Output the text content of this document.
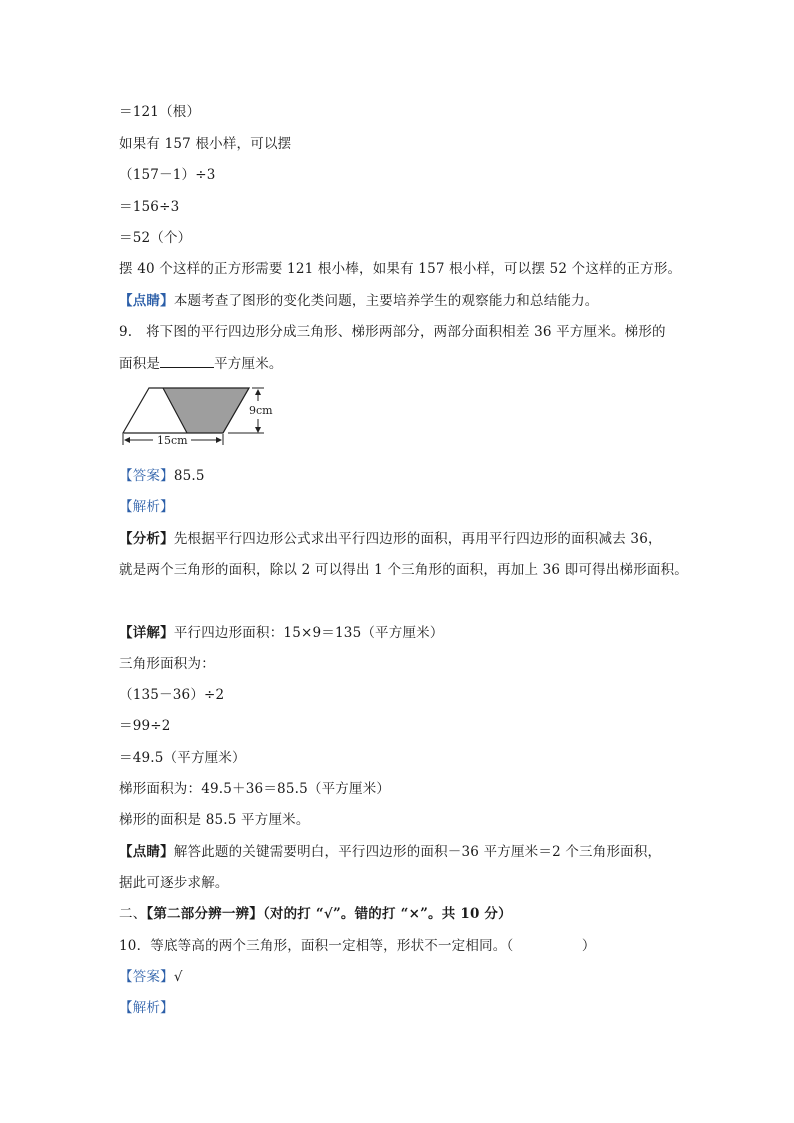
＝121（根）
如果有 157 根小样，可以摆
（157－1）÷3
＝156÷3
＝52（个）
摆 40 个这样的正方形需要 121 根小棒，如果有 157 根小样，可以摆 52 个这样的正方形。
【点睛】本题考查了图形的变化类问题，主要培养学生的观察能力和总结能力。
9.　将下图的平行四边形分成三角形、梯形两部分，两部分面积相差 36 平方厘米。梯形的
面积是	平方厘米。
9cm
15cm
【答案】85.5
【解析】
【分析】先根据平行四边形公式求出平行四边形的面积，再用平行四边形的面积减去 36，
就是两个三角形的面积，除以 2 可以得出 1 个三角形的面积，再加上 36 即可得出梯形面积。
【详解】平行四边形面积：15×9＝135（平方厘米）
三角形面积为：
（135－36）÷2
＝99÷2
＝49.5（平方厘米）
梯形面积为：49.5＋36＝85.5（平方厘米）
梯形的面积是 85.5 平方厘米。
【点睛】解答此题的关键需要明白，平行四边形的面积－36 平方厘米＝2 个三角形面积，
据此可逐步求解。
二、【第二部分辨一辨】（对的打 “√”。错的打 “×”。共 10 分）
10．等底等高的两个三角形，面积一定相等，形状不一定相同。（　　　　　）
【答案】√
【解析】
